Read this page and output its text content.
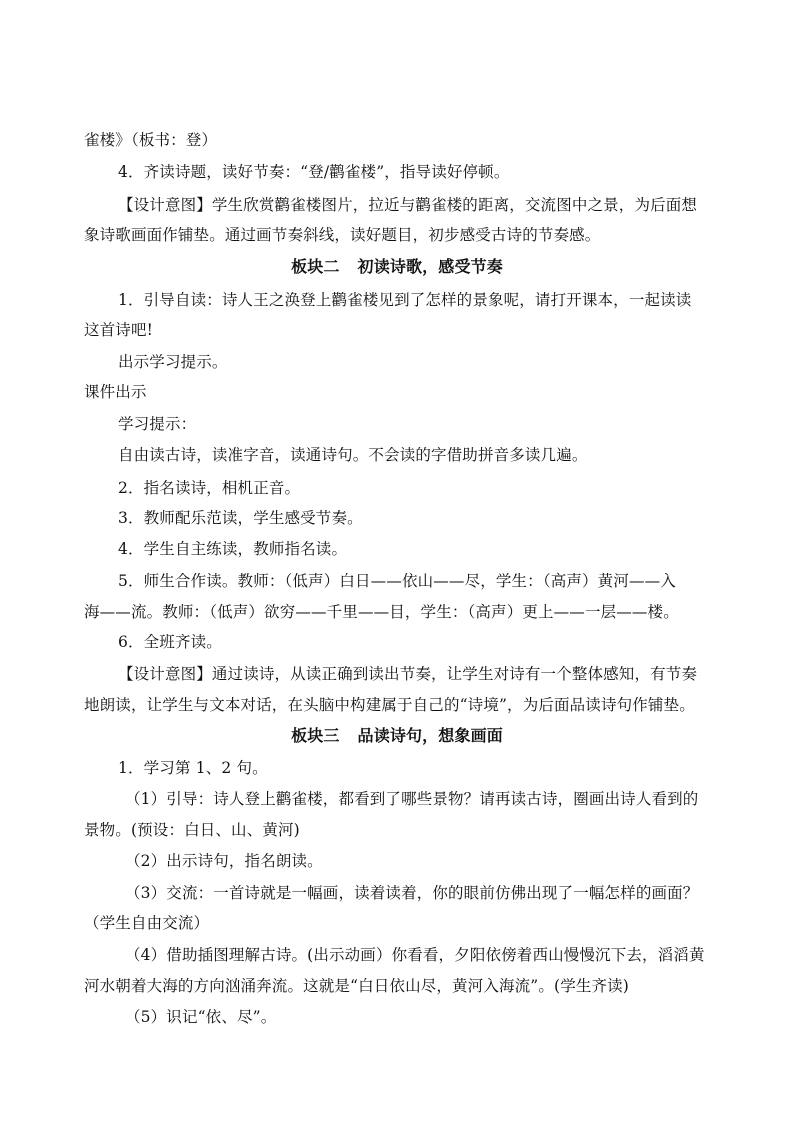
雀楼》（板书：登）
4．齐读诗题，读好节奏：“登/鹳雀楼”，指导读好停顿。
【设计意图】学生欣赏鹳雀楼图片，拉近与鹳雀楼的距离，交流图中之景，为后面想
象诗歌画面作铺垫。通过画节奏斜线，读好题目，初步感受古诗的节奏感。
板块二 初读诗歌，感受节奏
1．引导自读：诗人王之涣登上鹳雀楼见到了怎样的景象呢，请打开课本，一起读读
这首诗吧!
出示学习提示。
课件出示
学习提示：
自由读古诗，读准字音，读通诗句。不会读的字借助拼音多读几遍。
2．指名读诗，相机正音。
3．教师配乐范读，学生感受节奏。
4．学生自主练读，教师指名读。
5．师生合作读。教师：（低声）白日——依山——尽，学生：（高声）黄河——入
海——流。教师：（低声）欲穷——千里——目，学生：（高声）更上——一层——楼。
6．全班齐读。
【设计意图】通过读诗，从读正确到读出节奏，让学生对诗有一个整体感知，有节奏
地朗读，让学生与文本对话，在头脑中构建属于自己的“诗境”，为后面品读诗句作铺垫。
板块三 品读诗句，想象画面
1．学习第 1、2 句。
（1）引导：诗人登上鹳雀楼，都看到了哪些景物？请再读古诗，圈画出诗人看到的
景物。(预设：白日、山、黄河)
（2）出示诗句，指名朗读。
（3）交流：一首诗就是一幅画，读着读着，你的眼前仿佛出现了一幅怎样的画面？
（学生自由交流）
（4）借助插图理解古诗。(出示动画）你看看，夕阳依傍着西山慢慢沉下去，滔滔黄
河水朝着大海的方向汹涌奔流。这就是“白日依山尽，黄河入海流”。(学生齐读)
（5）识记“依、尽”。
